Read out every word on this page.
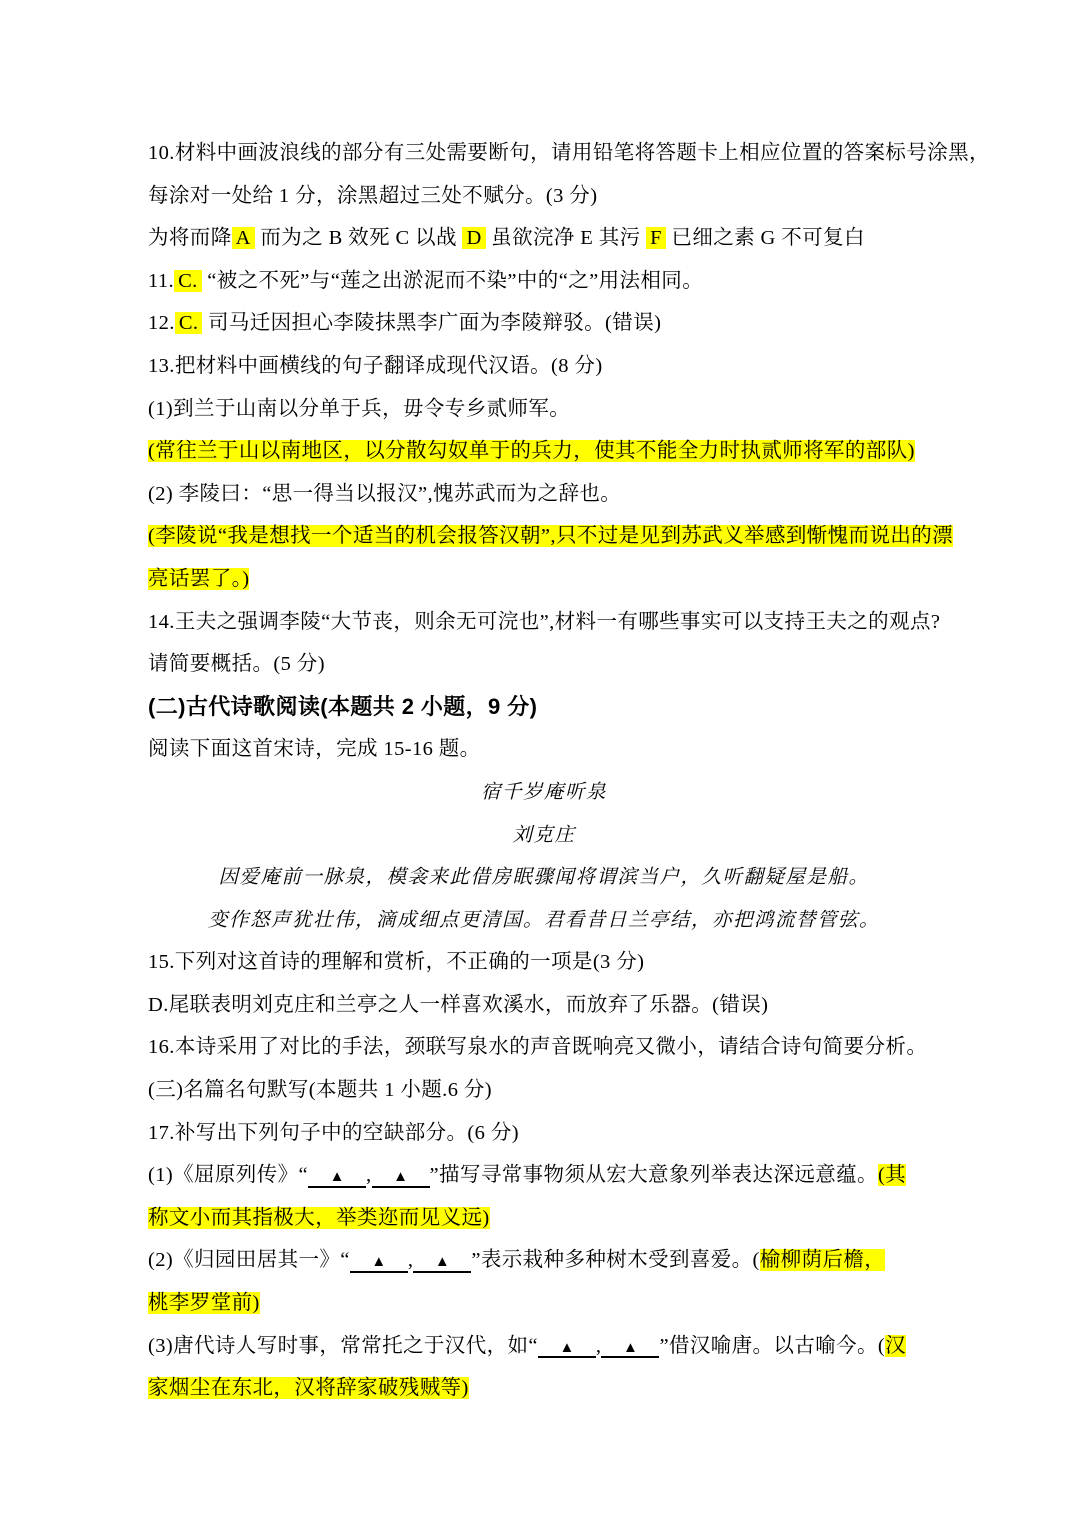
10.材料中画波浪线的部分有三处需要断句，请用铅笔将答题卡上相应位置的答案标号涂黑，
每涂对一处给 1 分，涂黑超过三处不赋分。(3 分)
为将而降 A 而为之 B 效死 C 以战 D 虽欲浣净 E 其污 F 已细之素 G 不可复白
11. C. “被之不死”与“莲之出淤泥而不染”中的“之”用法相同。
12. C. 司马迁因担心李陵抹黑李广面为李陵辩驳。(错误)
13.把材料中画横线的句子翻译成现代汉语。(8 分)
(1)到兰于山南以分单于兵，毋令专乡贰师军。
(常往兰于山以南地区，以分散勾奴单于的兵力，使其不能全力时执贰师将军的部队)
(2) 李陵曰：“思一得当以报汉”,愧苏武而为之辞也。
(李陵说“我是想找一个适当的机会报答汉朝”,只不过是见到苏武义举感到惭愧而说出的漂
亮话罢了。)
14.王夫之强调李陵“大节丧，则余无可浣也”,材料一有哪些事实可以支持王夫之的观点?
请简要概括。(5 分)
(二)古代诗歌阅读(本题共 2 小题，9 分)
阅读下面这首宋诗，完成 15-16 题。
宿千岁庵听泉
刘克庄
因爱庵前一脉泉，模衾来此借房眠骤闻将谓滨当户，久听翻疑屋是船。
变作怒声犹壮伟，滴成细点更清国。君看昔日兰亭结，亦把鸿流替管弦。
15.下列对这首诗的理解和赏析，不正确的一项是(3 分)
D.尾联表明刘克庄和兰亭之人一样喜欢溪水，而放弃了乐器。(错误)
16.本诗采用了对比的手法，颈联写泉水的声音既响亮又微小，请结合诗句简要分析。
(三)名篇名句默写(本题共 1 小题.6 分)
17.补写出下列句子中的空缺部分。(6 分)
(1)《屈原列传》“ ▲ , ▲ ”描写寻常事物须从宏大意象列举表达深远意蕴。(其
称文小而其指极大，举类迩而见义远)
(2)《归园田居其一》“ ▲ , ▲ ”表示栽种多种树木受到喜爱。(榆柳荫后檐，
桃李罗堂前)
(3)唐代诗人写时事，常常托之于汉代，如“ ▲ , ▲ ”借汉喻唐。以古喻今。(汉
家烟尘在东北，汉将辞家破残贼等)
